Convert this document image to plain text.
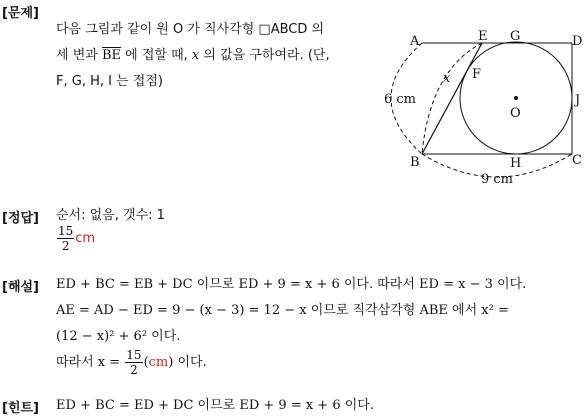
[문제]
다음 그림과 같이 원 O 가 직사각형 □ABCD 의
세 변과 $\overline{BE}$ 에 접할 때, x 의 값을 구하여라. (단,
F, G, H, I 는 접점)
A	E G	D
F
x
6 cm
O
J
B	H	C
9 cm
[정답] 순서: 없음, 갯수: 1
$\frac{15}{2}$ cm
[해설] ED + BC = EB + DC 이므로 ED + 9 = x + 6 이다. 따라서 ED = x − 3 이다.
AE = AD − ED = 9 − (x − 3) = 12 − x 이므로 직각삼각형 ABE 에서 x² =
(12 − x)² + 6² 이다.
따라서 $x = \frac{15}{2} (cm)$ 이다.
[힌트] ED + BC = ED + DC 이므로 ED + 9 = x + 6 이다.
